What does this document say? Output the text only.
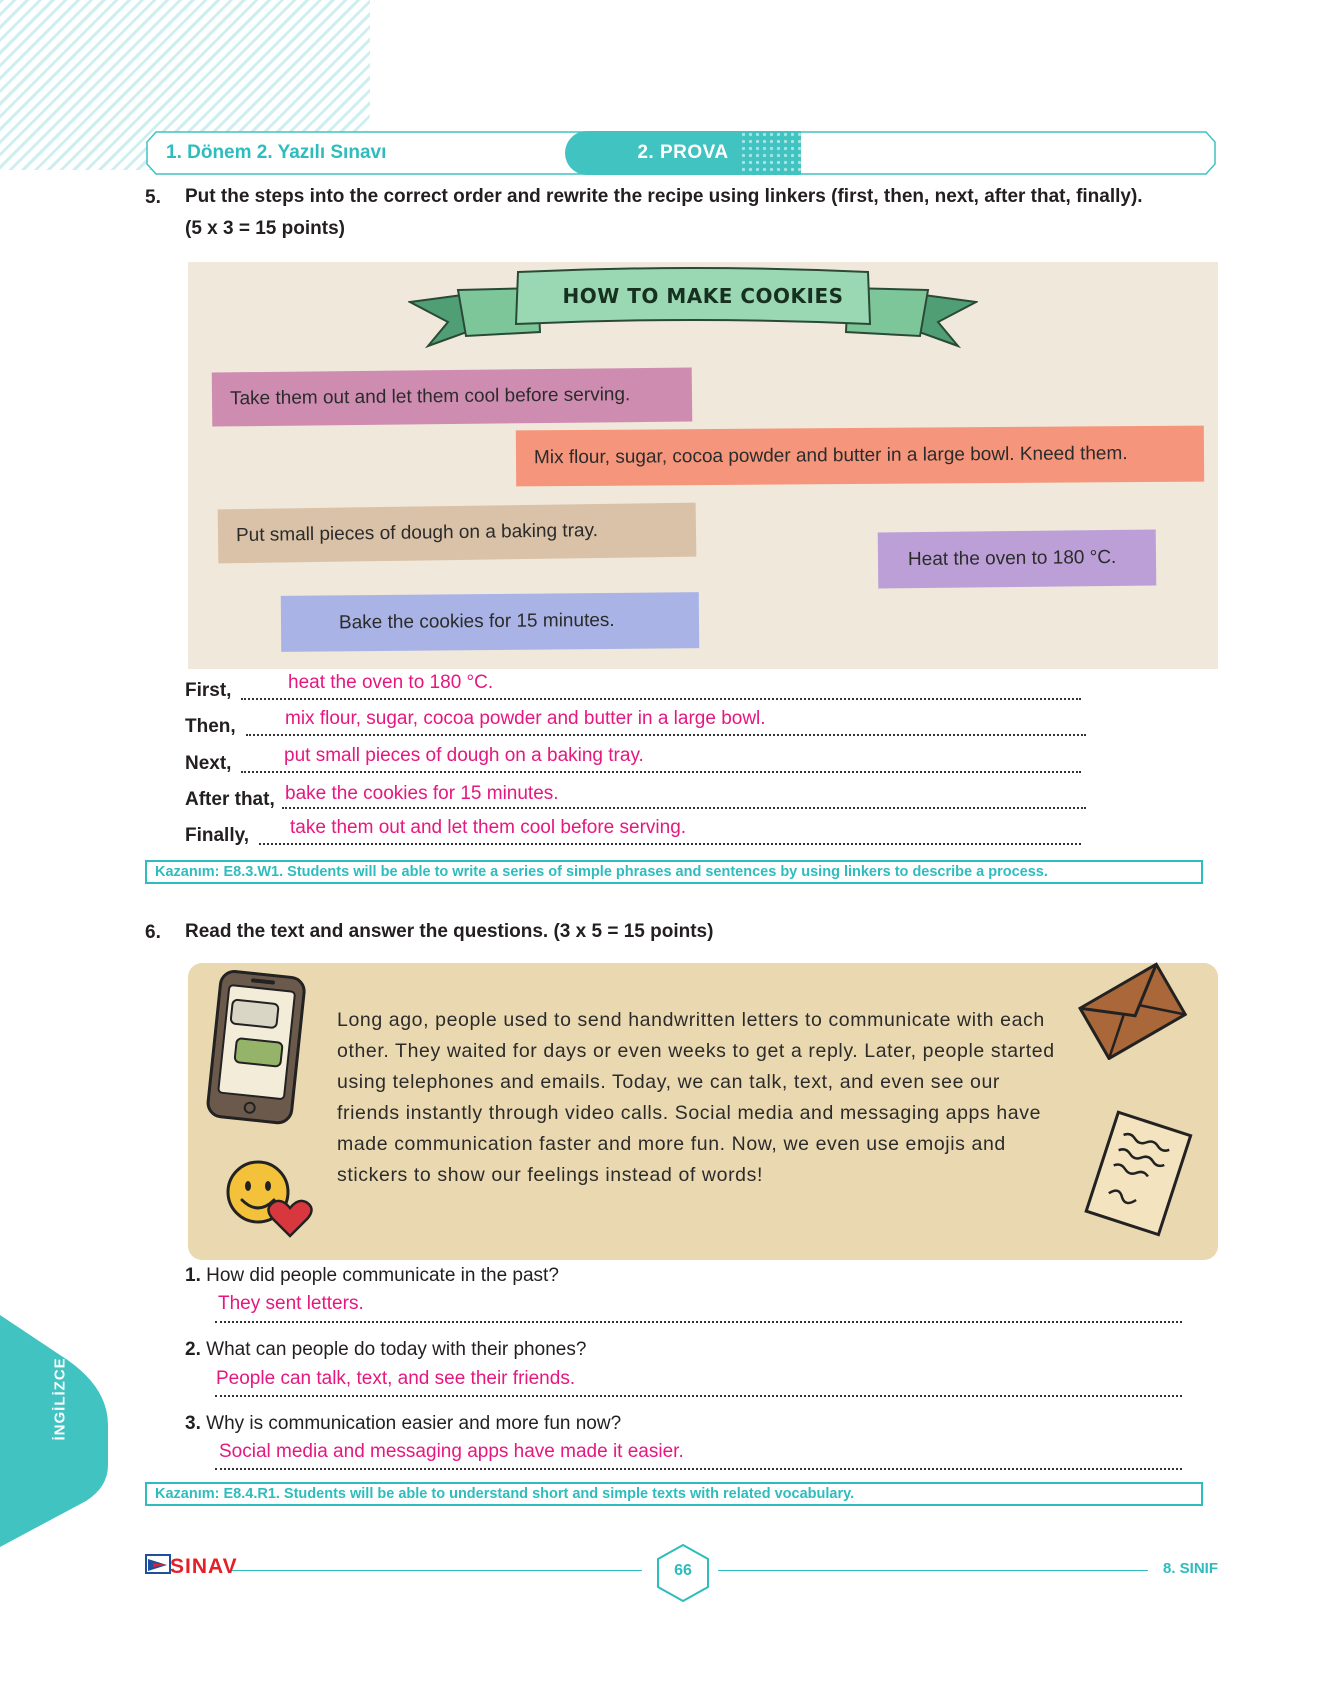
1. Dönem 2. Yazılı Sınavı	2. PROVA
5. Put the steps into the correct order and rewrite the recipe using linkers (first, then, next, after that, finally).
(5 x 3 = 15 points)
HOW TO MAKE COOKIES
Take them out and let them cool before serving.
Mix flour, sugar, cocoa powder and butter in a large bowl. Kneed them.
Put small pieces of dough on a baking tray.
Heat the oven to 180 °C.
Bake the cookies for 15 minutes.
First,	heat the oven to 180 °C.
Then,	mix flour, sugar, cocoa powder and butter in a large bowl.
Next,	put small pieces of dough on a baking tray.
After that, bake the cookies for 15 minutes.
Finally, take them out and let them cool before serving.
Kazanım: E8.3.W1. Students will be able to write a series of simple phrases and sentences by using linkers to describe a process.
6. Read the text and answer the questions. (3 x 5 = 15 points)
Long ago, people used to send handwritten letters to communicate with each
other. They waited for days or even weeks to get a reply. Later, people started
using telephones and emails. Today, we can talk, text, and even see our
friends instantly through video calls. Social media and messaging apps have
made communication faster and more fun. Now, we even use emojis and
stickers to show our feelings instead of words!
1. How did people communicate in the past?
They sent letters.
2. What can people do today with their phones?
People can talk, text, and see their friends.
3. Why is communication easier and more fun now?
Social media and messaging apps have made it easier.
Kazanım: E8.4.R1. Students will be able to understand short and simple texts with related vocabulary.
SINAV	66	8. SINIF
